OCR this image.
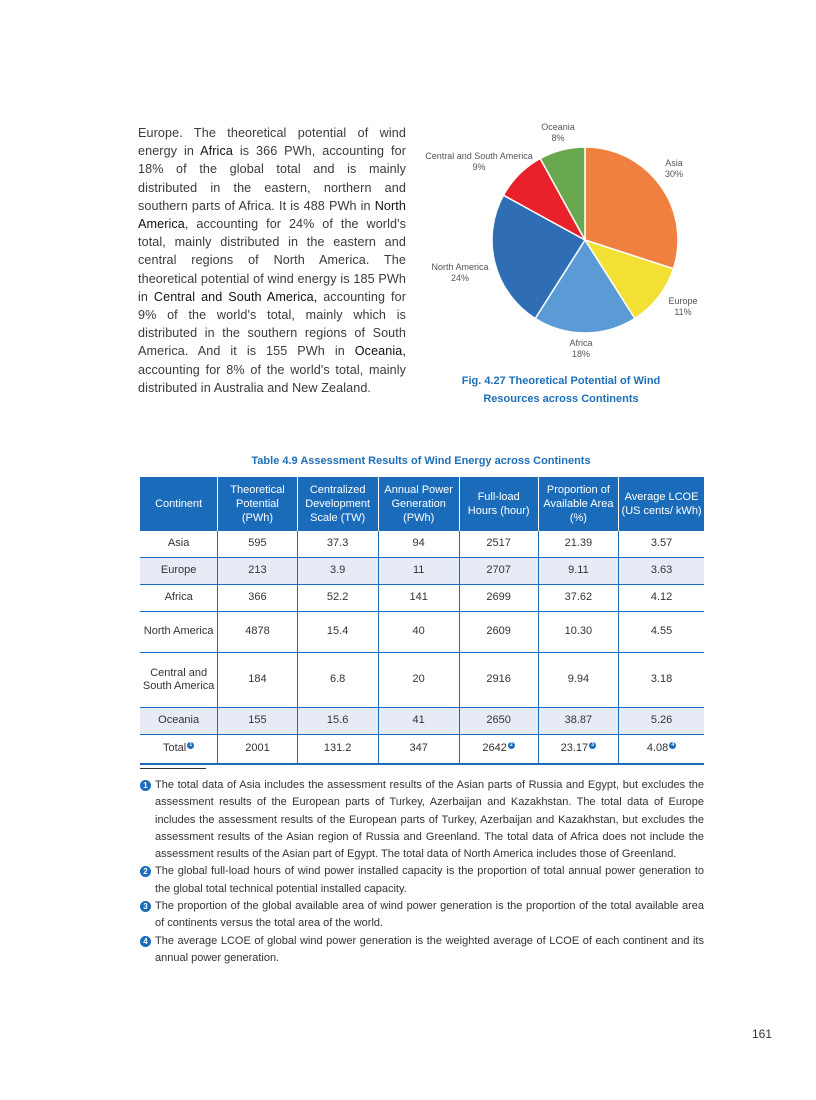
Europe. The theoretical potential of wind energy in Africa is 366 PWh, accounting for 18% of the global total and is mainly distributed in the eastern, northern and southern parts of Africa. It is 488 PWh in North America, accounting for 24% of the world's total, mainly distributed in the eastern and central regions of North America. The theoretical potential of wind energy is 185 PWh in Central and South America, accounting for 9% of the world's total, mainly which is distributed in the southern regions of South America. And it is 155 PWh in Oceania, accounting for 8% of the world's total, mainly distributed in Australia and New Zealand.
Asia
30%
Europe
11%
Africa
18%
North America
24%
Central and South America
9%
Oceania
8%
Fig. 4.27 Theoretical Potential of Wind
Resources across Continents
Table 4.9 Assessment Results of Wind Energy across Continents
Continent	Theoretical Potential (PWh)	Centralized Development Scale (TW)	Annual Power Generation (PWh)	Full-load Hours (hour)	Proportion of Available Area (%)	Average LCOE (US cents/ kWh)
Asia	595	37.3	94	2517	21.39	3.57
Europe	213	3.9	11	2707	9.11	3.63
Africa	366	52.2	141	2699	37.62	4.12
North America	4878	15.4	40	2609	10.30	4.55
Central and South America	184	6.8	20	2916	9.94	3.18
Oceania	155	15.6	41	2650	38.87	5.26
Total $^1$	2001	131.2	347	2642 $^2$	23.17 $^3$	4.08 $^4$
1 The total data of Asia includes the assessment results of the Asian parts of Russia and Egypt, but excludes the assessment results of the European parts of Turkey, Azerbaijan and Kazakhstan. The total data of Europe includes the assessment results of the European parts of Turkey, Azerbaijan and Kazakhstan, but excludes the assessment results of the Asian region of Russia and Greenland. The total data of Africa does not include the assessment results of the Asian part of Egypt. The total data of North America includes those of Greenland.
2 The global full-load hours of wind power installed capacity is the proportion of total annual power generation to the global total technical potential installed capacity.
3 The proportion of the global available area of wind power generation is the proportion of the total available area of continents versus the total area of the world.
4 The average LCOE of global wind power generation is the weighted average of LCOE of each continent and its annual power generation.
161
